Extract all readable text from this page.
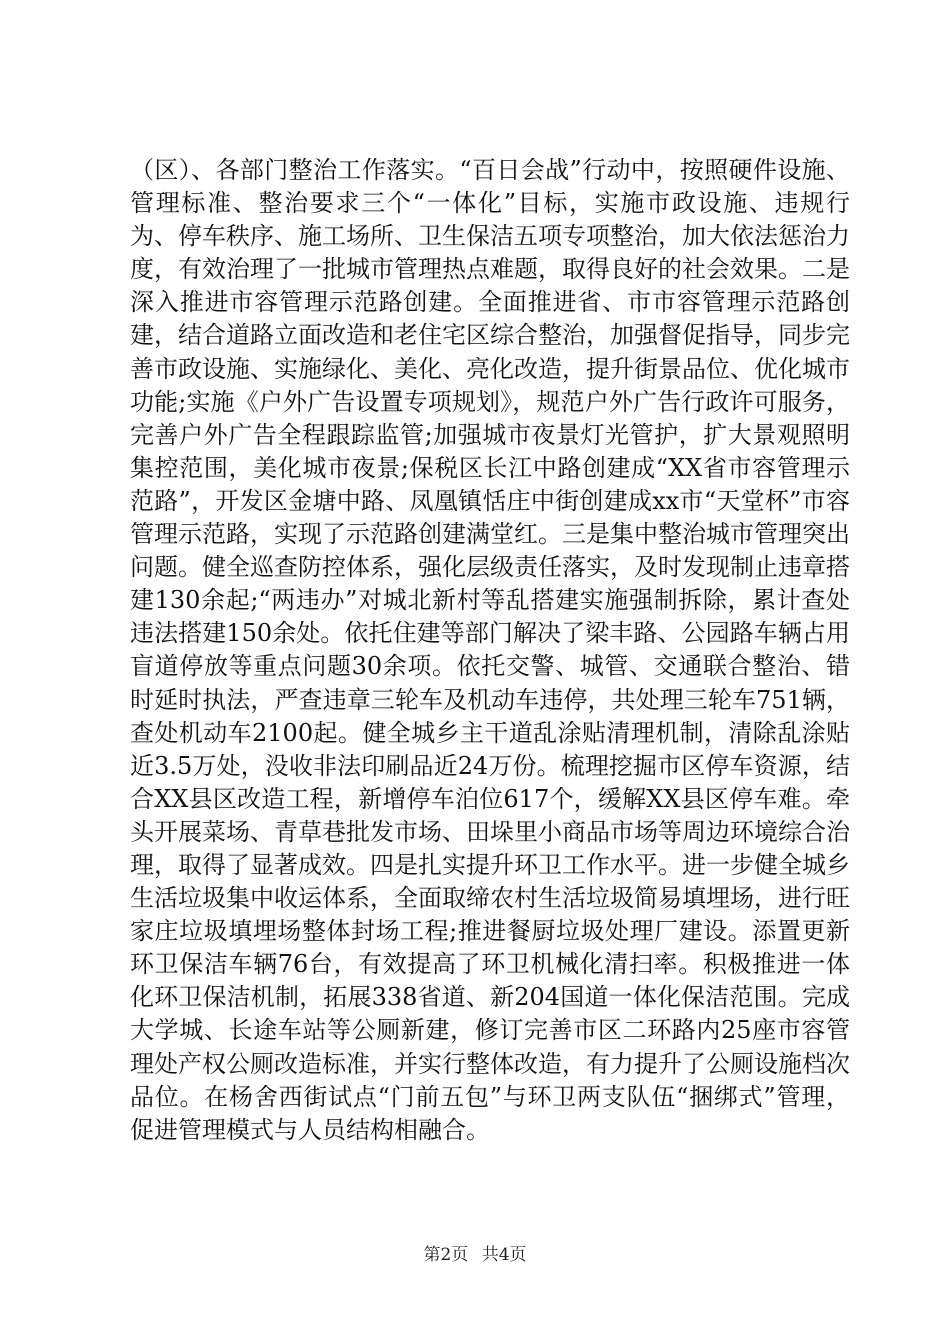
（区）、各部门整治工作落实。“百日会战”行动中，按照硬件设施、管理标准、整治要求三个“一体化”目标，实施市政设施、违规行为、停车秩序、施工场所、卫生保洁五项专项整治，加大依法惩治力度，有效治理了一批城市管理热点难题，取得良好的社会效果。二是深入推进市容管理示范路创建。全面推进省、市市容管理示范路创建，结合道路立面改造和老住宅区综合整治，加强督促指导，同步完善市政设施、实施绿化、美化、亮化改造，提升街景品位、优化城市功能;实施《户外广告设置专项规划》，规范户外广告行政许可服务，完善户外广告全程跟踪监管;加强城市夜景灯光管护，扩大景观照明集控范围，美化城市夜景;保税区长江中路创建成“XX省市容管理示范路”，开发区金塘中路、凤凰镇恬庄中街创建成xx市“天堂杯”市容管理示范路，实现了示范路创建满堂红。三是集中整治城市管理突出问题。健全巡查防控体系，强化层级责任落实，及时发现制止违章搭建130余起;“两违办”对城北新村等乱搭建实施强制拆除，累计查处违法搭建150余处。依托住建等部门解决了梁丰路、公园路车辆占用盲道停放等重点问题30余项。依托交警、城管、交通联合整治、错时延时执法，严查违章三轮车及机动车违停，共处理三轮车751辆，查处机动车2100起。健全城乡主干道乱涂贴清理机制，清除乱涂贴近3.5万处，没收非法印刷品近24万份。梳理挖掘市区停车资源，结合XX县区改造工程，新增停车泊位617个，缓解XX县区停车难。牵头开展菜场、青草巷批发市场、田垛里小商品市场等周边环境综合治理，取得了显著成效。四是扎实提升环卫工作水平。进一步健全城乡生活垃圾集中收运体系，全面取缔农村生活垃圾简易填埋场，进行旺家庄垃圾填埋场整体封场工程;推进餐厨垃圾处理厂建设。添置更新环卫保洁车辆76台，有效提高了环卫机械化清扫率。积极推进一体化环卫保洁机制，拓展338省道、新204国道一体化保洁范围。完成大学城、长途车站等公厕新建，修订完善市区二环路内25座市容管理处产权公厕改造标准，并实行整体改造，有力提升了公厕设施档次品位。在杨舍西街试点“门前五包”与环卫两支队伍“捆绑式”管理，促进管理模式与人员结构相融合。

第2页 共4页
